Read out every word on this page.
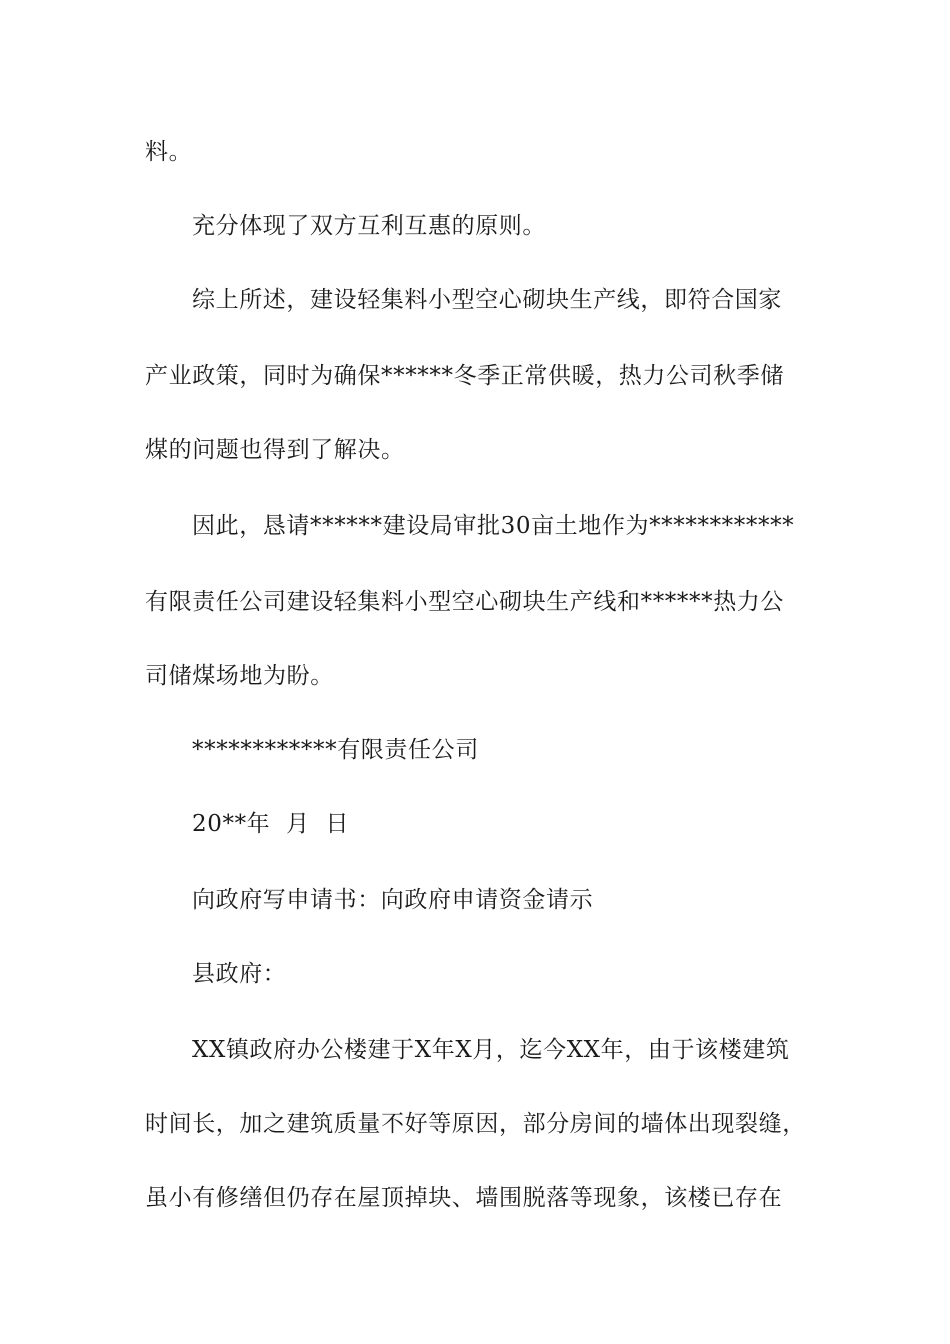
料。
充分体现了双方互利互惠的原则。
综上所述，建设轻集料小型空心砌块生产线，即符合国家
产业政策，同时为确保******冬季正常供暖，热力公司秋季储
煤的问题也得到了解决。
因此，恳请******建设局审批30亩土地作为************
有限责任公司建设轻集料小型空心砌块生产线和******热力公
司储煤场地为盼。
************有限责任公司
20**年  月  日
向政府写申请书：向政府申请资金请示
县政府：
XX镇政府办公楼建于X年X月，迄今XX年，由于该楼建筑
时间长，加之建筑质量不好等原因，部分房间的墙体出现裂缝，
虽小有修缮但仍存在屋顶掉块、墙围脱落等现象，该楼已存在
